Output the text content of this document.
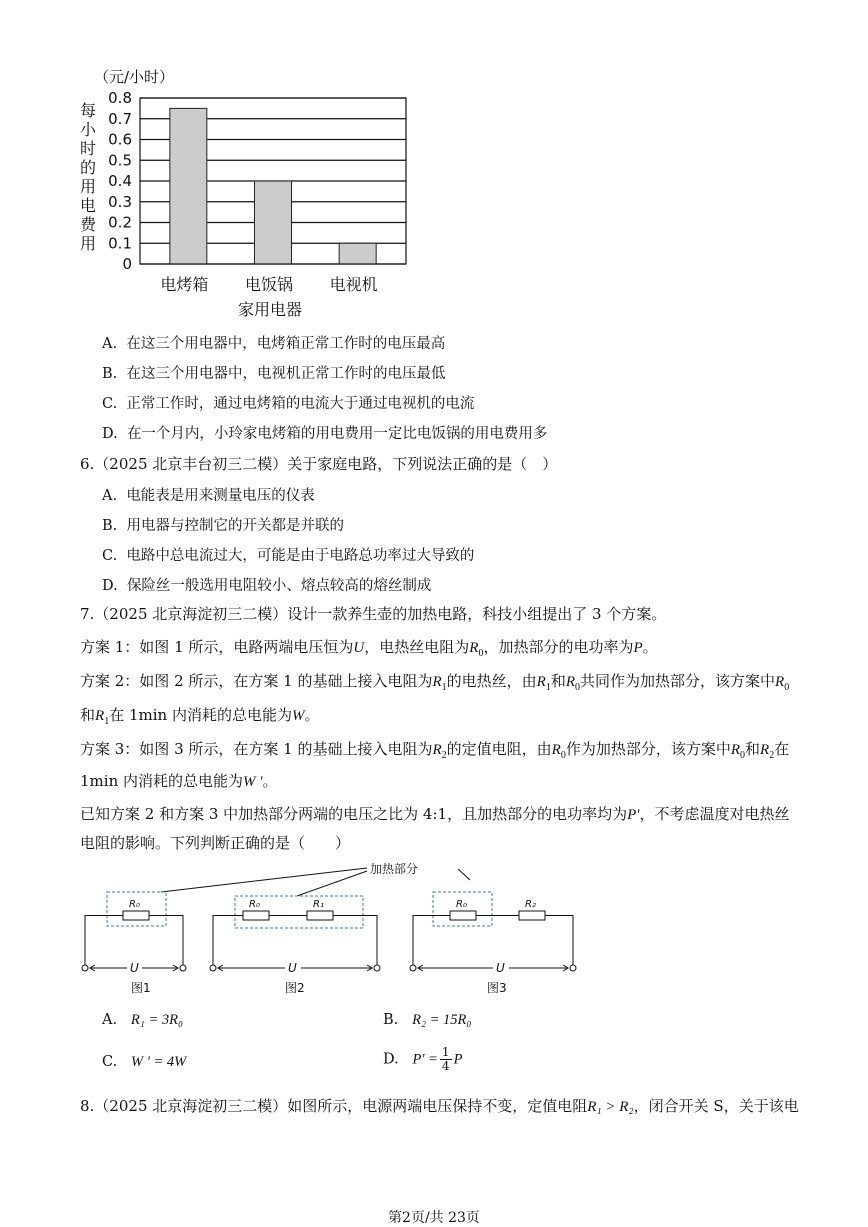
（元/小时）
每
小
时
的
用
电
费
用
0
0.1
0.2
0.3
0.4
0.5
0.6
0.7
0.8
电烤箱 电饭锅 电视机
家用电器
A. 在这三个用电器中，电烤箱正常工作时的电压最高
B. 在这三个用电器中，电视机正常工作时的电压最低
C. 正常工作时，通过电烤箱的电流大于通过电视机的电流
D. 在一个月内，小玲家电烤箱的用电费用一定比电饭锅的用电费用多
6.（2025 北京丰台初三二模）关于家庭电路，下列说法正确的是（　）
A. 电能表是用来测量电压的仪表
B. 用电器与控制它的开关都是并联的
C. 电路中总电流过大，可能是由于电路总功率过大导致的
D. 保险丝一般选用电阻较小、熔点较高的熔丝制成
7.（2025 北京海淀初三二模）设计一款养生壶的加热电路，科技小组提出了 3 个方案。
方案 1：如图 1 所示，电路两端电压恒为U，电热丝电阻为$R_0$，加热部分的电功率为P。
方案 2：如图 2 所示，在方案 1 的基础上接入电阻为$R_1$的电热丝，由$R_1$和$R_0$共同作为加热部分，该方案中$R_0$
和$R_1$在 1min 内消耗的总电能为W。
方案 3：如图 3 所示，在方案 1 的基础上接入电阻为$R_2$的定值电阻，由$R_0$作为加热部分，该方案中$R_0$和$R_2$在
1min 内消耗的总电能为W '。
已知方案 2 和方案 3 中加热部分两端的电压之比为 4:1，且加热部分的电功率均为P'，不考虑温度对电热丝
电阻的影响。下列判断正确的是（　　）
加热部分
R₀	R₀	R₁	R₀	R₂
U	U	U
图1	图2	图3
A. R₁ = 3R₀	B. R₂ = 15R₀
C. W ' = 4W	D. $P' = \frac{1}{4}$ P
8.（2025 北京海淀初三二模）如图所示，电源两端电压保持不变，定值电阻R₁ > R₂，闭合开关 S，关于该电
第2页/共 23页
